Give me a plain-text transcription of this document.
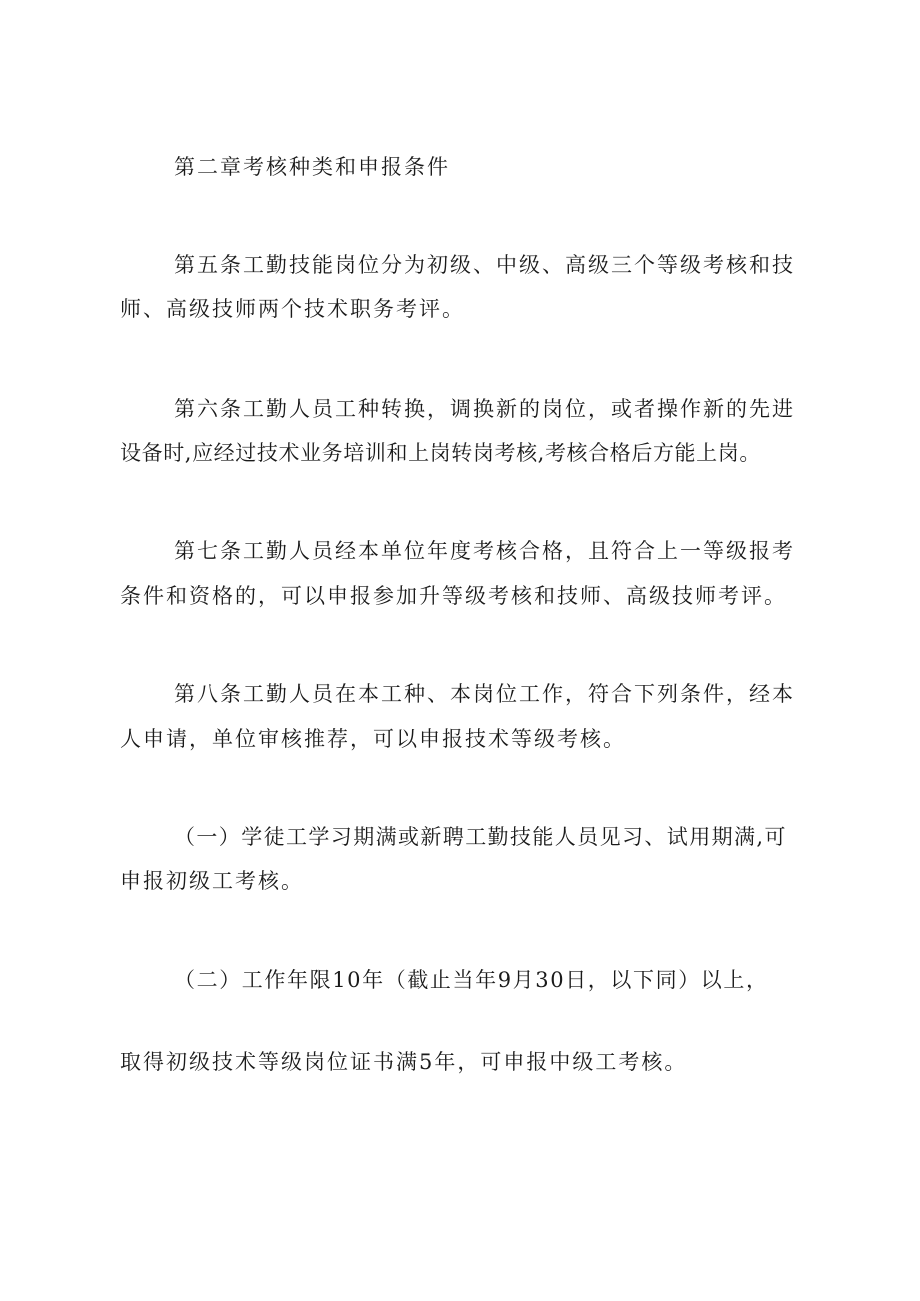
第二章考核种类和申报条件
第五条工勤技能岗位分为初级、中级、高级三个等级考核和技
师、高级技师两个技术职务考评。
第六条工勤人员工种转换，调换新的岗位，或者操作新的先进
设备时,应经过技术业务培训和上岗转岗考核,考核合格后方能上岗。
第七条工勤人员经本单位年度考核合格，且符合上一等级报考
条件和资格的，可以申报参加升等级考核和技师、高级技师考评。
第八条工勤人员在本工种、本岗位工作，符合下列条件，经本
人申请，单位审核推荐，可以申报技术等级考核。
（一）学徒工学习期满或新聘工勤技能人员见习、试用期满,可
申报初级工考核。
（二）工作年限10年（截止当年9月30日，以下同）以上，
取得初级技术等级岗位证书满5年，可申报中级工考核。
